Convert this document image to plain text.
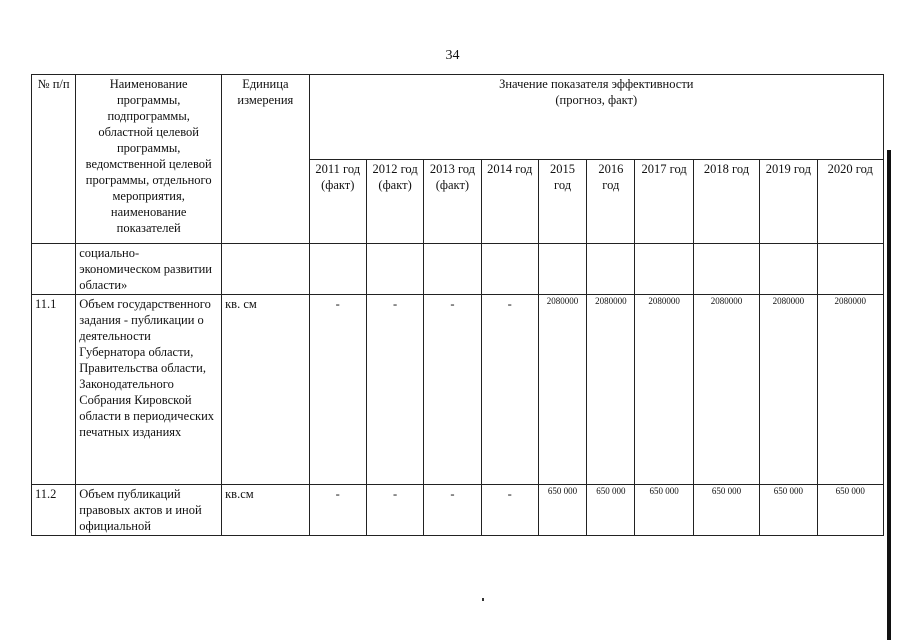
34
№ п/п	Наименование программы, подпрограммы, областной целевой программы, ведомственной целевой программы, отдельного мероприятия, наименование показателей	Единица измерения	Значение показателя эффективности
(прогноз, факт)									

			2011 год (факт)	2012 год (факт)	2013 год (факт)	2014 год	2015 год	2016 год	2017 год	2018 год	2019 год	2020 год
	социально-экономическом развитии области»											
11.1	Объем государственного задания - публикации о деятельности Губернатора области, Правительства области, Законодательного Собрания Кировской области в периодических печатных изданиях	кв. см	-	-	-	-	2080000	2080000	2080000	2080000	2080000	2080000
11.2	Объем публикаций правовых актов и иной официальной	кв.см	-	-	-	-	650 000	650 000	650 000	650 000	650 000	650 000
